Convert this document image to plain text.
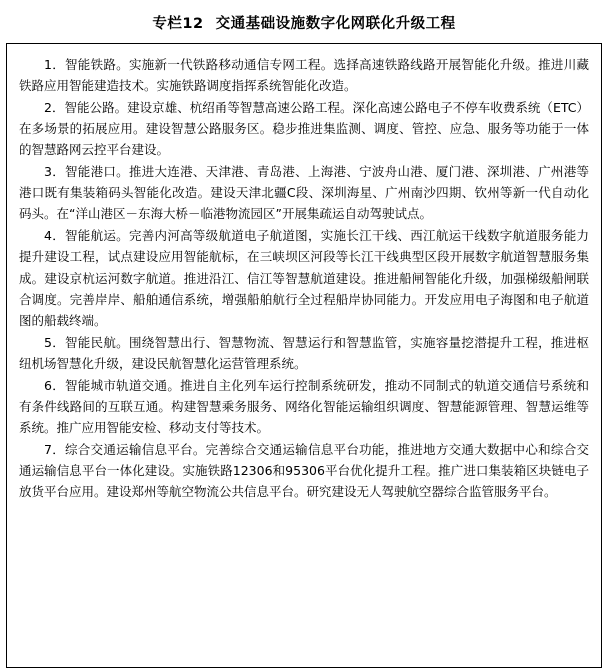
专栏12 交通基础设施数字化网联化升级工程

1．智能铁路。实施新一代铁路移动通信专网工程。选择高速铁路线路开展智能化升级。推进川藏铁路应用智能建造技术。实施铁路调度指挥系统智能化改造。

2．智能公路。建设京雄、杭绍甬等智慧高速公路工程。深化高速公路电子不停车收费系统（ETC）在多场景的拓展应用。建设智慧公路服务区。稳步推进集监测、调度、管控、应急、服务等功能于一体的智慧路网云控平台建设。

3．智能港口。推进大连港、天津港、青岛港、上海港、宁波舟山港、厦门港、深圳港、广州港等港口既有集装箱码头智能化改造。建设天津北疆C段、深圳海星、广州南沙四期、钦州等新一代自动化码头。在“洋山港区－东海大桥－临港物流园区”开展集疏运自动驾驶试点。

4．智能航运。完善内河高等级航道电子航道图，实施长江干线、西江航运干线数字航道服务能力提升建设工程，试点建设应用智能航标，在三峡坝区河段等长江干线典型区段开展数字航道智慧服务集成。建设京杭运河数字航道。推进沿江、信江等智慧航道建设。推进船闸智能化升级，加强梯级船闸联合调度。完善岸岸、船舶通信系统，增强船舶航行全过程船岸协同能力。开发应用电子海图和电子航道图的船载终端。

5．智能民航。围绕智慧出行、智慧物流、智慧运行和智慧监管，实施容量挖潜提升工程，推进枢纽机场智慧化升级，建设民航智慧化运营管理系统。

6．智能城市轨道交通。推进自主化列车运行控制系统研发，推动不同制式的轨道交通信号系统和有条件线路间的互联互通。构建智慧乘务服务、网络化智能运输组织调度、智慧能源管理、智慧运维等系统。推广应用智能安检、移动支付等技术。

7．综合交通运输信息平台。完善综合交通运输信息平台功能，推进地方交通大数据中心和综合交通运输信息平台一体化建设。实施铁路12306和95306平台优化提升工程。推广进口集装箱区块链电子放货平台应用。建设郑州等航空物流公共信息平台。研究建设无人驾驶航空器综合监管服务平台。
